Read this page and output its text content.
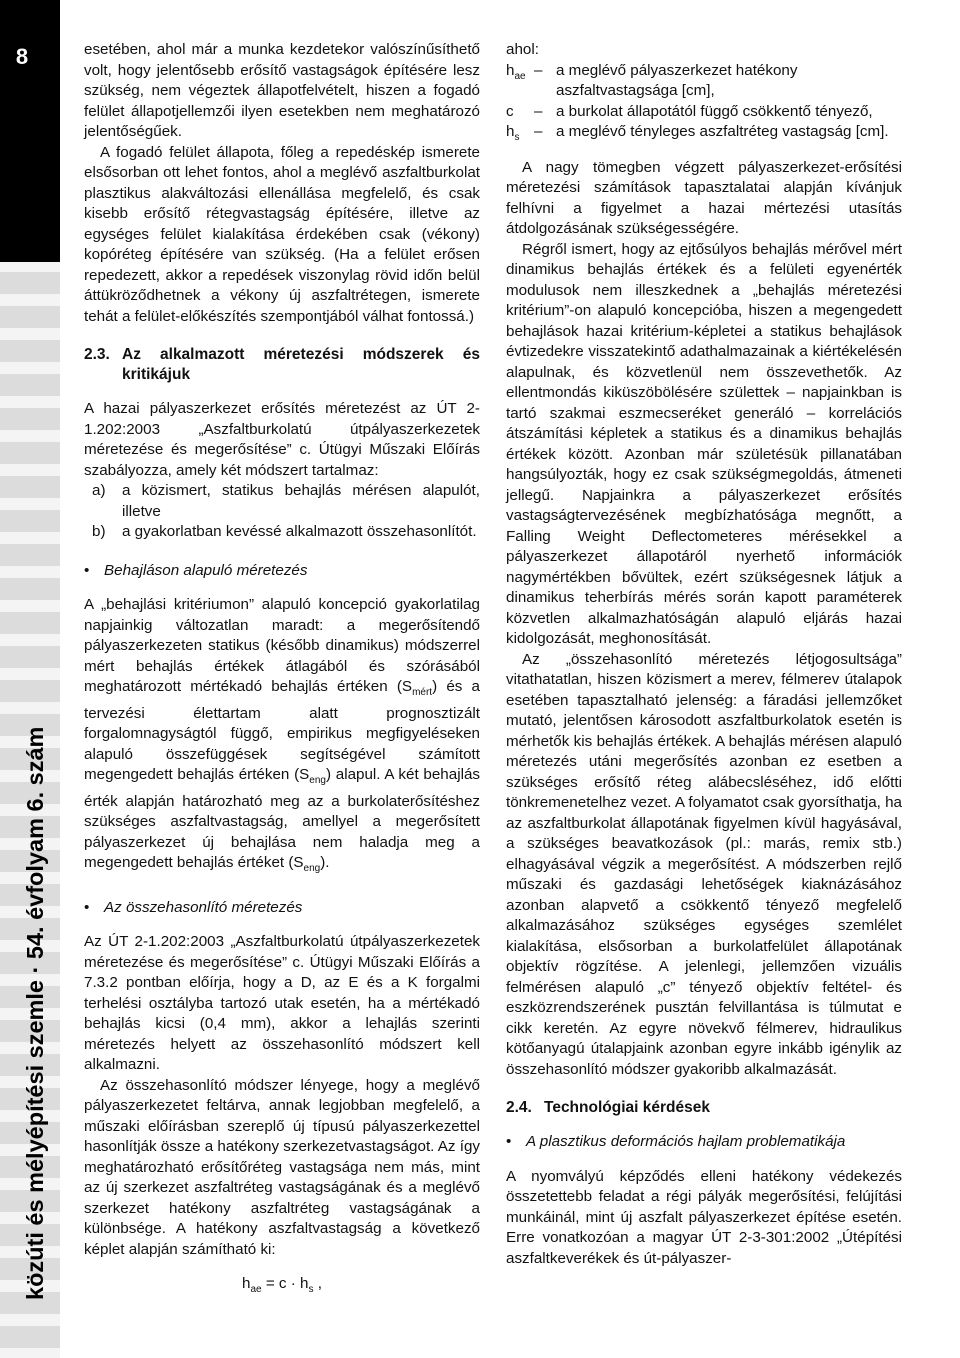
8
közúti és mélyépítési szemle · 54. évfolyam 6. szám

esetében, ahol már a munka kezdetekor valószínűsíthető volt, hogy jelentősebb erősítő vastagságok építésére lesz szükség, nem végeztek állapotfelvételt, hiszen a fogadó felület állapotjellemzői ilyen esetekben nem meghatározó jelentőségűek.

A fogadó felület állapota, főleg a repedéskép ismerete elsősorban ott lehet fontos, ahol a meglévő aszfaltburkolat plasztikus alakváltozási ellenállása megfelelő, és csak kisebb erősítő rétegvastagság építésére, illetve az egységes felület kialakítása érdekében csak (vékony) kopóréteg építésére van szükség. (Ha a felület erősen repedezett, akkor a repedések viszonylag rövid időn belül áttükröződhetnek a vékony új aszfaltrétegen, ismerete tehát a felület-előkészítés szempontjából válhat fontossá.)

2.3. Az alkalmazott méretezési módszerek és kritikájuk

A hazai pályaszerkezet erősítés méretezést az ÚT 2-1.202:2003 „Aszfaltburkolatú útpályaszerkezetek méretezése és megerősítése” c. Útügyi Műszaki Előírás szabályozza, amely két módszert tartalmaz:

a)	a közismert, statikus behajlás mérésen alapulót, illetve
b)	a gyakorlatban kevéssé alkalmazott összehasonlítót.
• Behajláson alapuló méretezés

A „behajlási kritériumon” alapuló koncepció gyakorlatilag napjainkig változatlan maradt: a megerősítendő pályaszerkezeten statikus (később dinamikus) módszerrel mért behajlás értékek átlagából és szórásából meghatározott mértékadó behajlás értéken $(S_{mért})$ és a tervezési élettartam alatt prognosztizált forgalomnagyságtól függő, empirikus megfigyeléseken alapuló összefüggések segítségével számított megengedett behajlás értéken $(S_{eng})$ alapul. A két behajlás érték alapján határozható meg az a burkolaterősítéshez szükséges aszfaltvastagság, amellyel a megerősített pályaszerkezet új behajlása nem haladja meg a megengedett behajlás értéket $(S_{eng})$.

• Az összehasonlító méretezés

Az ÚT 2-1.202:2003 „Aszfaltburkolatú útpályaszerkezetek méretezése és megerősítése” c. Útügyi Műszaki Előírás a 7.3.2 pontban előírja, hogy a D, az E és a K forgalmi terhelési osztályba tartozó utak esetén, ha a mértékadó behajlás kicsi (0,4 mm), akkor a lehajlás szerinti méretezés helyett az összehasonlító módszert kell alkalmazni.

Az összehasonlító módszer lényege, hogy a meglévő pályaszerkezetet feltárva, annak legjobban megfelelő, a műszaki előírásban szereplő új típusú pályaszerkezettel hasonlítják össze a hatékony szerkezetvastagságot. Az így meghatározható erősítőréteg vastagsága nem más, mint az új szerkezet aszfaltréteg vastagságának és a meglévő szerkezet hatékony aszfaltréteg vastagságának a különbsége. A hatékony aszfaltvastagság a következő képlet alapján számítható ki:

$h_{ae} = c \cdot h_s$ ,

ahol:

$h_{ae}$ – a meglévő pályaszerkezet hatékony aszfaltvastagsága [cm],
c	– a burkolat állapotától függő csökkentő tényező,
$h_s$ – a meglévő tényleges aszfaltréteg vastagság [cm].

A nagy tömegben végzett pályaszerkezet-erősítési méretezési számítások tapasztalatai alapján kívánjuk felhívni a figyelmet a hazai mértezési utasítás átdolgozásának szükségességére.

Régről ismert, hogy az ejtősúlyos behajlás mérővel mért dinamikus behajlás értékek és a felületi egyenérték modulusok nem illeszkednek a „behajlás méretezési kritérium”-on alapuló koncepcióba, hiszen a megengedett behajlások hazai kritérium-képletei a statikus behajlások évtizedekre visszatekintő adathalmazainak a kiértékelésén alapulnak, és közvetlenül nem összevethetők. Az ellentmondás kiküszöbölésére születtek – napjainkban is tartó szakmai eszmecseréket generáló – korrelációs átszámítási képletek a statikus és a dinamikus behajlás értékek között. Azonban már születésük pillanatában hangsúlyozták, hogy ez csak szükségmegoldás, átmeneti jellegű. Napjainkra a pályaszerkezet erősítés vastagságtervezésének megbízhatósága megnőtt, a Falling Weight Deflectometeres mérésekkel a pályaszerkezet állapotáról nyerhető információk nagymértékben bővültek, ezért szükségesnek látjuk a dinamikus teherbírás mérés során kapott paraméterek közvetlen alkalmazhatóságán alapuló eljárás hazai kidolgozását, meghonosítását.

Az „összehasonlító méretezés létjogosultsága” vitathatatlan, hiszen közismert a merev, félmerev útalapok esetében tapasztalható jelenség: a fáradási jellemzőket mutató, jelentősen károsodott aszfaltburkolatok esetén is mérhetők kis behajlás értékek. A behajlás mérésen alapuló méretezés utáni megerősítés azonban ez esetben a szükséges erősítő réteg alábecsléséhez, idő előtti tönkremenetelhez vezet. A folyamatot csak gyorsíthatja, ha az aszfaltburkolat állapotának figyelmen kívül hagyásával, a szükséges beavatkozások (pl.: marás, remix stb.) elhagyásával végzik a megerősítést. A módszerben rejlő műszaki és gazdasági lehetőségek kiaknázásához azonban alapvető a csökkentő tényező megfelelő alkalmazásához szükséges egységes szemlélet kialakítása, elsősorban a burkolatfelület állapotának objektív rögzítése. A jelenlegi, jellemzően vizuális felmérésen alapuló „c” tényező objektív feltétel- és eszközrendszerének pusztán felvillantása is túlmutat e cikk keretén. Az egyre növekvő félmerev, hidraulikus kötőanyagú útalapjaink azonban egyre inkább igénylik az összehasonlító módszer gyakoribb alkalmazását.

2.4. Technológiai kérdések
• A plasztikus deformációs hajlam problematikája

A nyomvályú képződés elleni hatékony védekezés összetettebb feladat a régi pályák megerősítési, felújítási munkáinál, mint új aszfalt pályaszerkezet építése esetén. Erre vonatkozóan a magyar ÚT 2-3-301:2002 „Útépítési aszfaltkeverékek és út-pályaszer-
